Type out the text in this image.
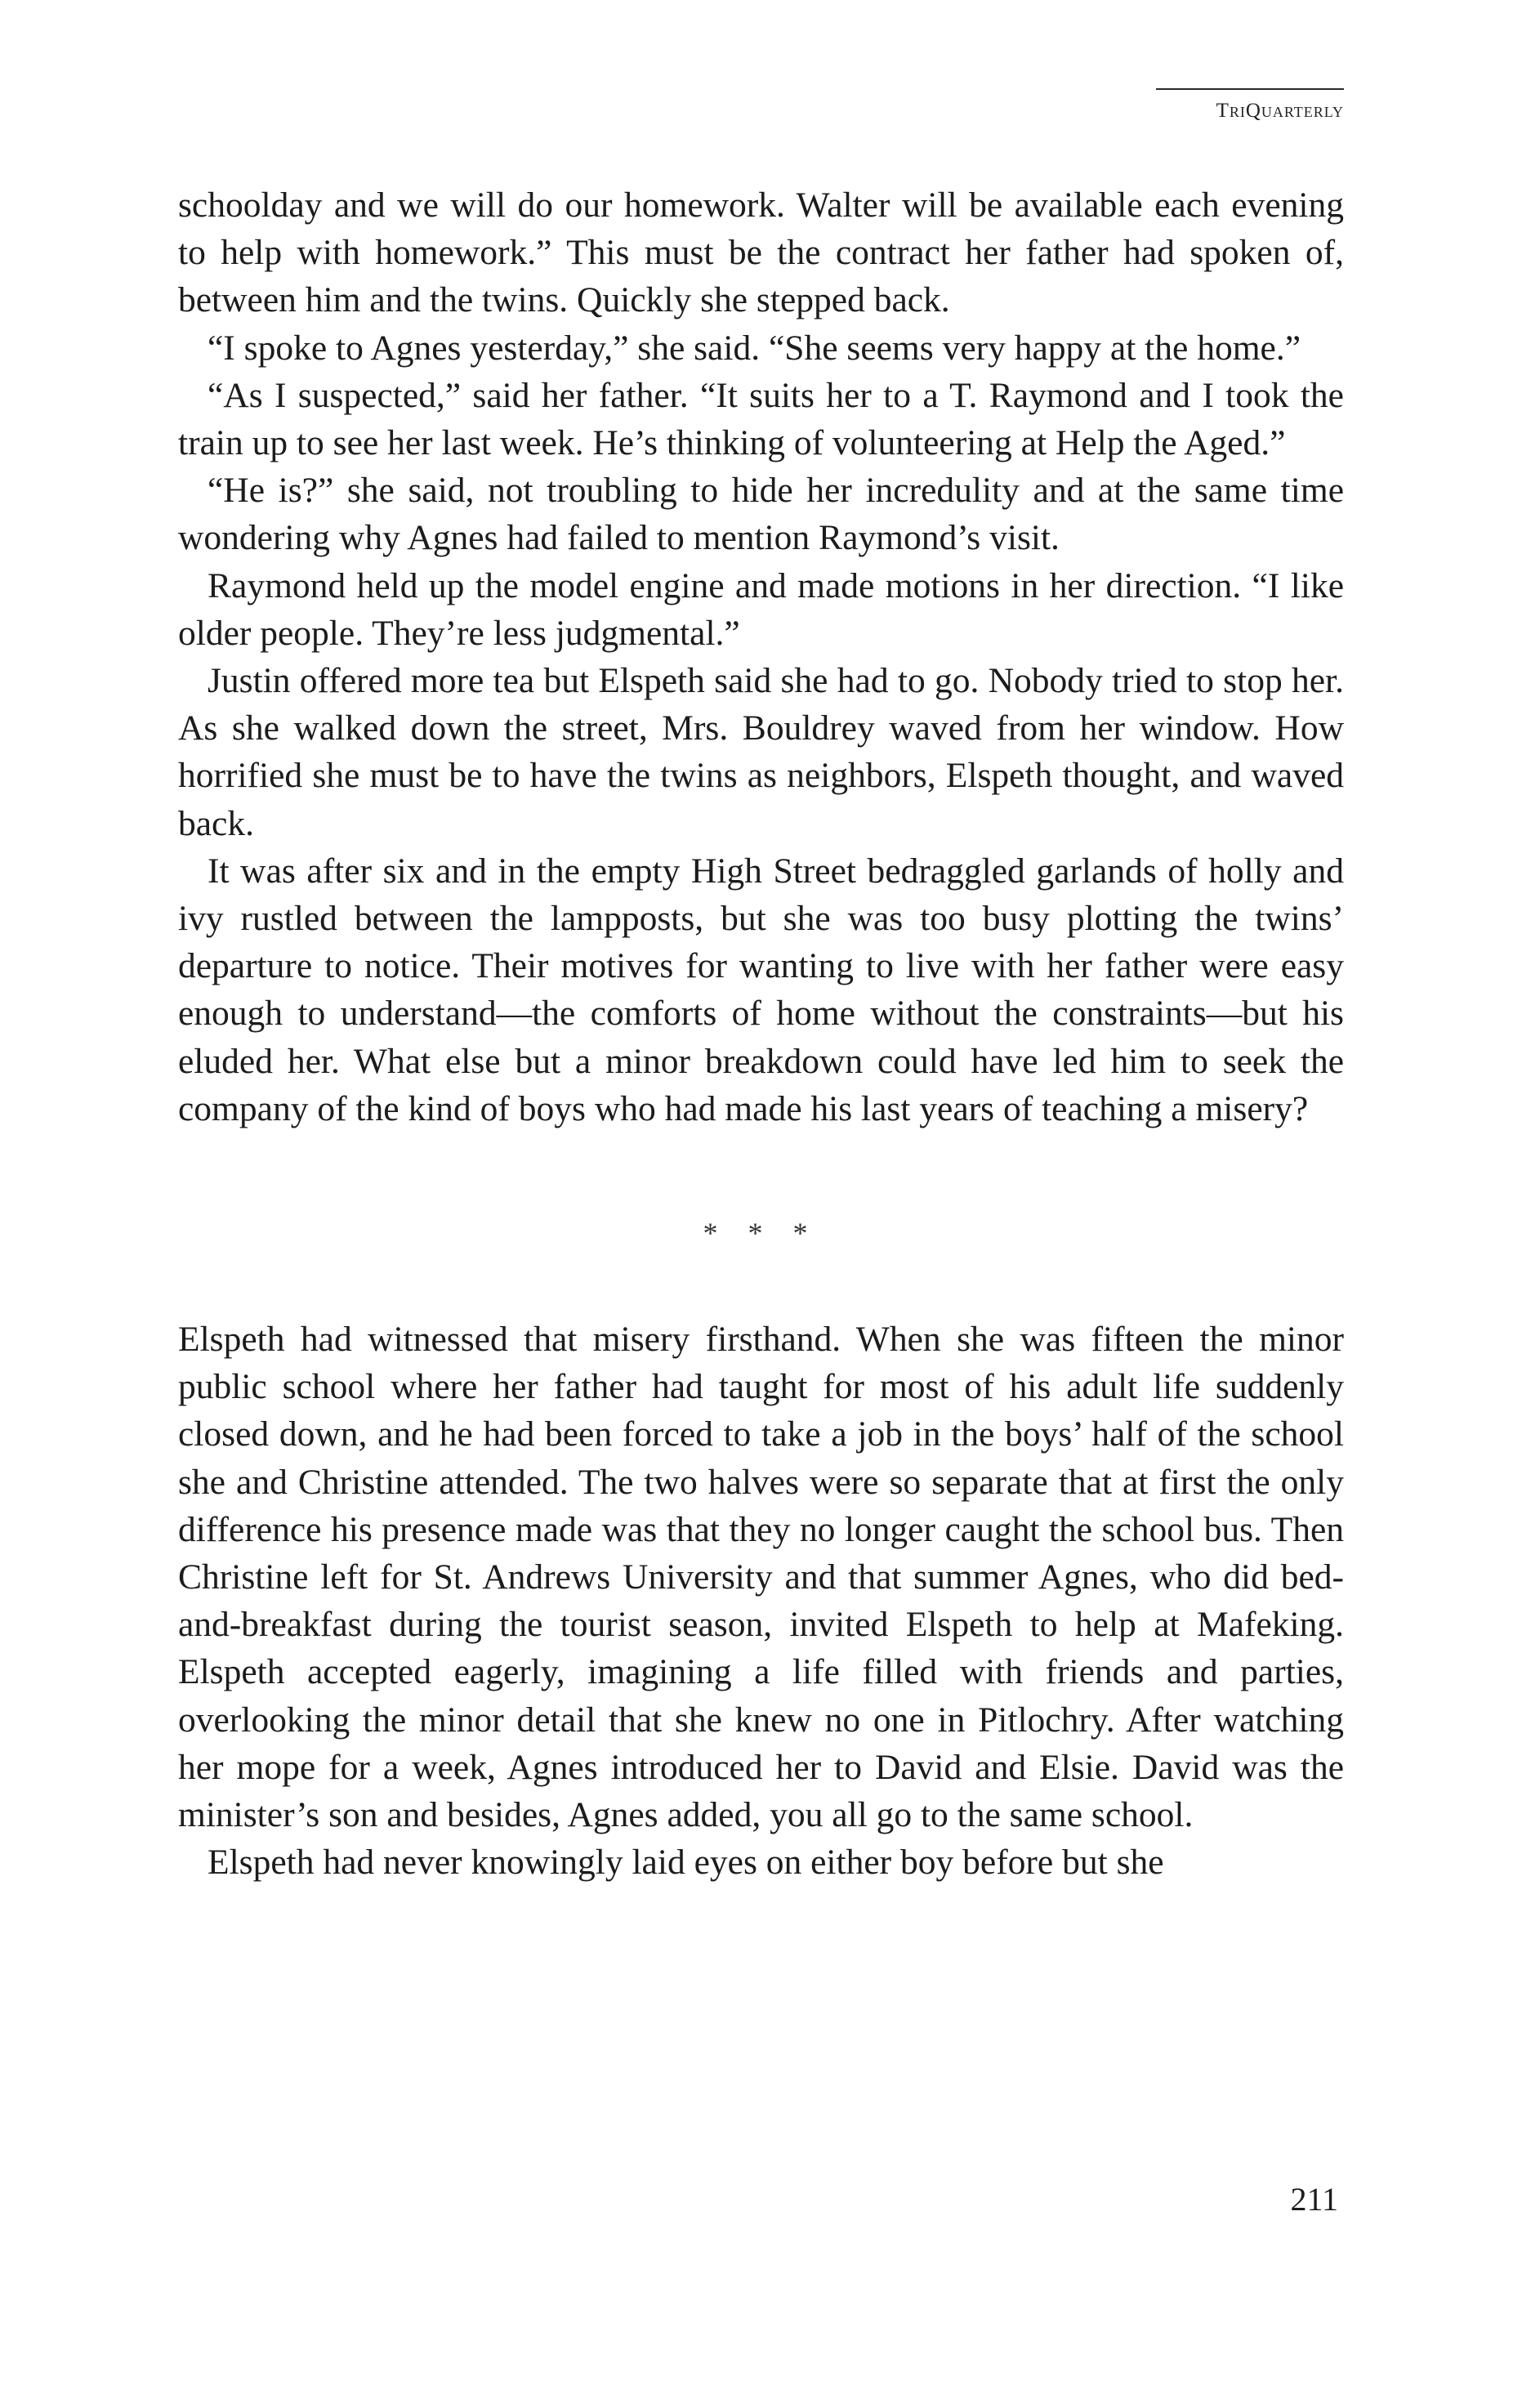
TriQuarterly

schoolday and we will do our homework. Walter will be available each evening to help with homework.” This must be the contract her father had spoken of, between him and the twins. Quickly she stepped back.

“I spoke to Agnes yesterday,” she said. “She seems very happy at the home.”

“As I suspected,” said her father. “It suits her to a T. Raymond and I took the train up to see her last week. He’s thinking of volunteering at Help the Aged.”

“He is?” she said, not troubling to hide her incredulity and at the same time wondering why Agnes had failed to mention Raymond’s visit.

Raymond held up the model engine and made motions in her direction. “I like older people. They’re less judgmental.”

Justin offered more tea but Elspeth said she had to go. Nobody tried to stop her. As she walked down the street, Mrs. Bouldrey waved from her window. How horrified she must be to have the twins as neighbors, Elspeth thought, and waved back.

It was after six and in the empty High Street bedraggled garlands of holly and ivy rustled between the lampposts, but she was too busy plotting the twins’ departure to notice. Their motives for wanting to live with her father were easy enough to understand—the comforts of home without the constraints—but his eluded her. What else but a minor breakdown could have led him to seek the company of the kind of boys who had made his last years of teaching a misery?

* * *

Elspeth had witnessed that misery firsthand. When she was fifteen the minor public school where her father had taught for most of his adult life suddenly closed down, and he had been forced to take a job in the boys’ half of the school she and Christine attended. The two halves were so separate that at first the only difference his presence made was that they no longer caught the school bus. Then Christine left for St. Andrews University and that summer Agnes, who did bed-and-breakfast during the tourist season, invited Elspeth to help at Mafeking. Elspeth accepted eagerly, imagining a life filled with friends and parties, overlooking the minor detail that she knew no one in Pitlochry. After watching her mope for a week, Agnes introduced her to David and Elsie. David was the minister’s son and besides, Agnes added, you all go to the same school.

Elspeth had never knowingly laid eyes on either boy before but she

211
